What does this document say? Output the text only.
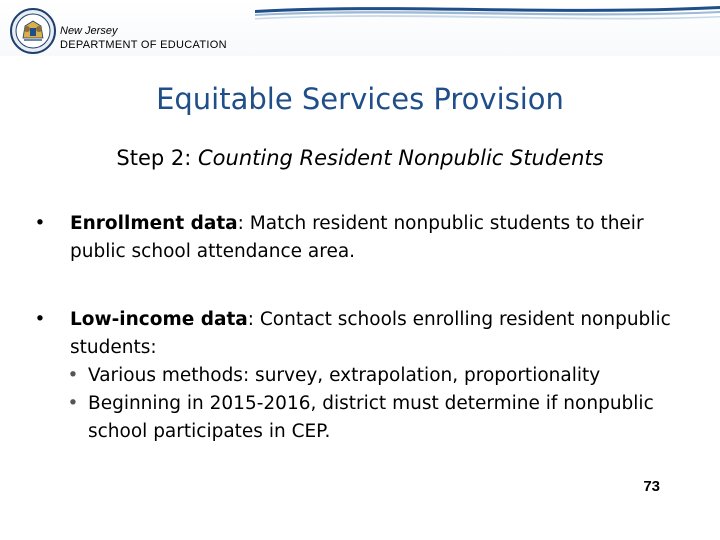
New Jersey
DEPARTMENT OF EDUCATION
Equitable Services Provision
Step 2: Counting Resident Nonpublic Students
• Enrollment data: Match resident nonpublic students to their public school attendance area.
• Low-income data: Contact schools enrolling resident nonpublic students:
• Various methods: survey, extrapolation, proportionality
• Beginning in 2015-2016, district must determine if nonpublic school participates in CEP.
73
